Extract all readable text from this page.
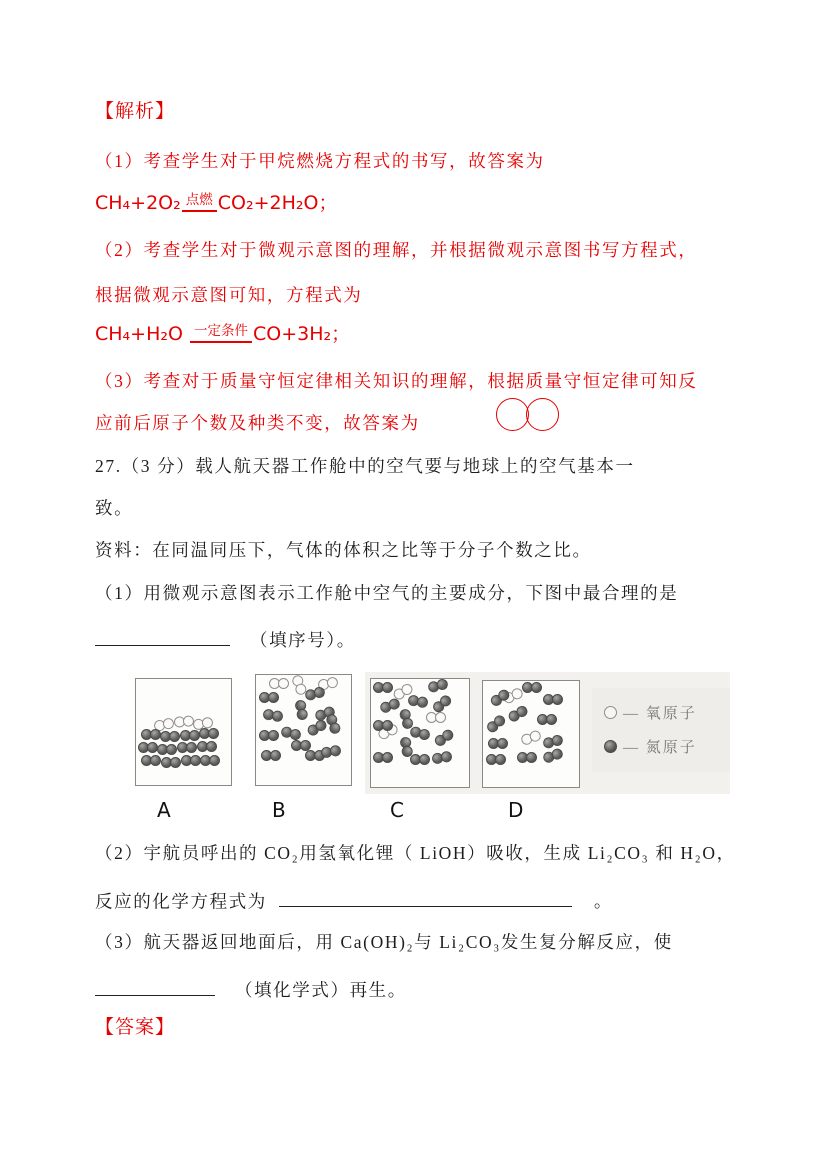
【解析】
（1）考查学生对于甲烷燃烧方程式的书写，故答案为
CH₄+2O₂ 点燃 CO₂+2H₂O；
（2）考查学生对于微观示意图的理解，并根据微观示意图书写方程式，
根据微观示意图可知，方程式为
CH₄+H₂O 一定条件 CO+3H₂；
（3）考查对于质量守恒定律相关知识的理解，根据质量守恒定律可知反
应前后原子个数及种类不变，故答案为
27.（3 分）载人航天器工作舱中的空气要与地球上的空气基本一
致。
资料：在同温同压下，气体的体积之比等于分子个数之比。
（1）用微观示意图表示工作舱中空气的主要成分，下图中最合理的是
（填序号）。
— 氧原子
— 氮原子
A	B	C	D
（2）宇航员呼出的 CO₂用氢氧化锂（ LiOH）吸收，生成 Li₂CO₃ 和 H₂O，
反应的化学方程式为	。
（3）航天器返回地面后，用 Ca(OH)₂与 Li₂CO₃发生复分解反应，使
（填化学式）再生。
【答案】
